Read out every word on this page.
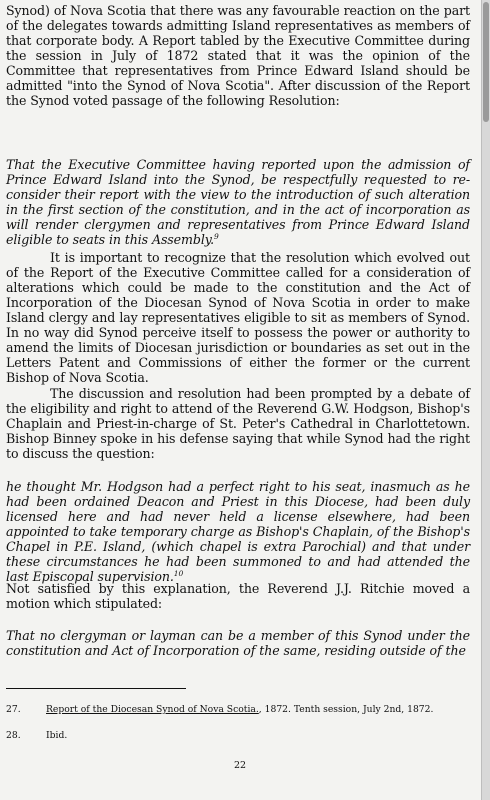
Synod) of Nova Scotia that there was any favourable reaction on the part of the delegates towards admitting Island representatives as members of that corporate body. A Report tabled by the Executive Committee during the session in July of 1872 stated that it was the opinion of the Committee that representatives from Prince Edward Island should be admitted "into the Synod of Nova Scotia". After discussion of the Report the Synod voted passage of the following Resolution:

That the Executive Committee having reported upon the admission of Prince Edward Island into the Synod, be respectfully requested to re-consider their report with the view to the introduction of such alteration in the first section of the constitution, and in the act of incorporation as will render clergymen and representatives from Prince Edward Island eligible to seats in this Assembly.$^9$

It is important to recognize that the resolution which evolved out of the Report of the Executive Committee called for a consideration of alterations which could be made to the constitution and the Act of Incorporation of the Diocesan Synod of Nova Scotia in order to make Island clergy and lay representatives eligible to sit as members of Synod. In no way did Synod perceive itself to possess the power or authority to amend the limits of Diocesan jurisdiction or boundaries as set out in the Letters Patent and Commissions of either the former or the current Bishop of Nova Scotia.

The discussion and resolution had been prompted by a debate of the eligibility and right to attend of the Reverend G.W. Hodgson, Bishop's Chaplain and Priest-in-charge of St. Peter's Cathedral in Charlottetown. Bishop Binney spoke in his defense saying that while Synod had the right to discuss the question:

he thought Mr. Hodgson had a perfect right to his seat, inasmuch as he had been ordained Deacon and Priest in this Diocese, had been duly licensed here and had never held a license elsewhere, had been appointed to take temporary charge as Bishop's Chaplain, of the Bishop's Chapel in P.E. Island, (which chapel is extra Parochial) and that under these circumstances he had been summoned to and had attended the last Episcopal supervision.$^{10}$

Not satisfied by this explanation, the Reverend J.J. Ritchie moved a motion which stipulated:

That no clergyman or layman can be a member of this Synod under the constitution and Act of Incorporation of the same, residing outside of the

27.	Report of the Diocesan Synod of Nova Scotia., 1872. Tenth session, July 2nd, 1872.
28.	Ibid.
22
